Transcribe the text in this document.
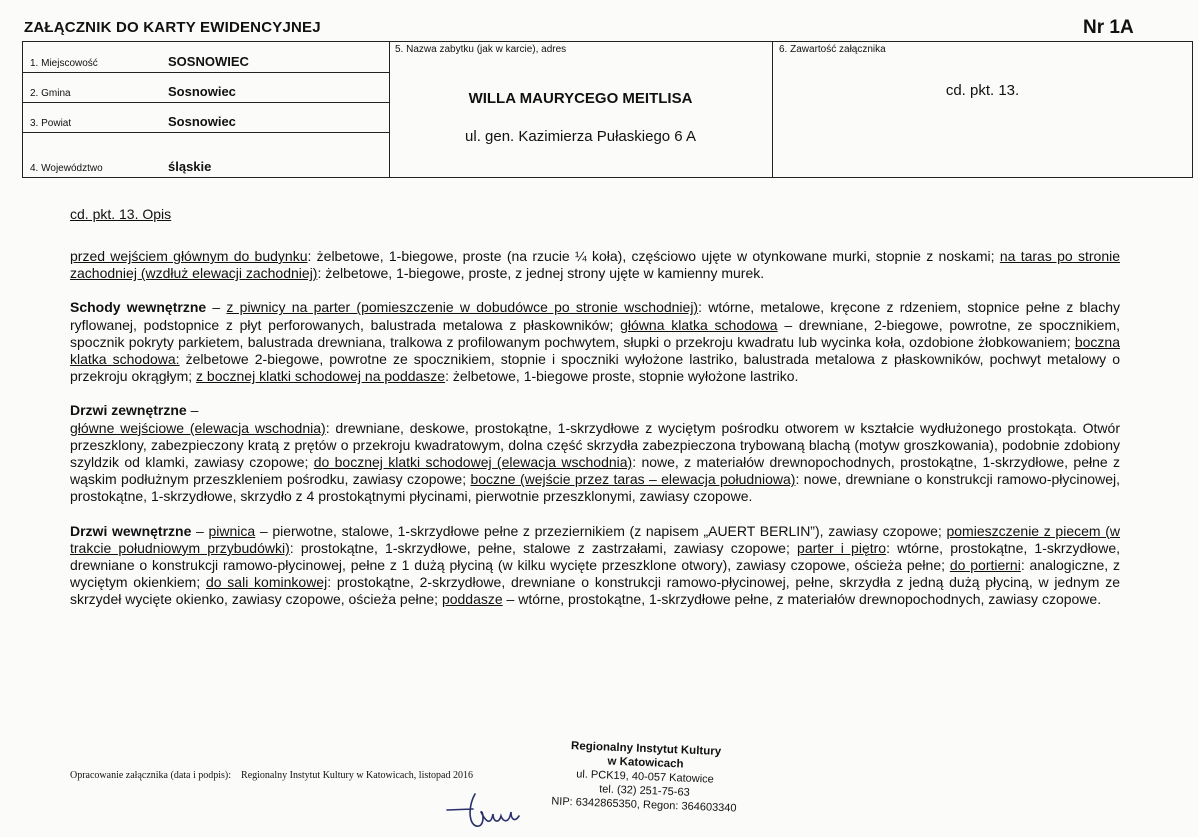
ZAŁĄCZNIK DO KARTY EWIDENCYJNEJ	Nr 1A
1. Miejscowość	SOSNOWIEC
2. Gmina	Sosnowiec
3. Powiat	Sosnowiec
4. Województwo	śląskie
5. Nazwa zabytku (jak w karcie), adres
WILLA MAURYCEGO MEITLISA
ul. gen. Kazimierza Pułaskiego 6 A
6. Zawartość załącznika
cd. pkt. 13.
cd. pkt. 13. Opis

przed wejściem głównym do budynku: żelbetowe, 1-biegowe, proste (na rzucie ¼ koła), częściowo ujęte w otynkowane murki, stopnie z noskami; na taras po stronie zachodniej (wzdłuż elewacji zachodniej): żelbetowe, 1-biegowe, proste, z jednej strony ujęte w kamienny murek.

Schody wewnętrzne – z piwnicy na parter (pomieszczenie w dobudówce po stronie wschodniej): wtórne, metalowe, kręcone z rdzeniem, stopnice pełne z blachy ryflowanej, podstopnice z płyt perforowanych, balustrada metalowa z płaskowników; główna klatka schodowa – drewniane, 2-biegowe, powrotne, ze spocznikiem, spocznik pokryty parkietem, balustrada drewniana, tralkowa z profilowanym pochwytem, słupki o przekroju kwadratu lub wycinka koła, ozdobione żłobkowaniem; boczna klatka schodowa: żelbetowe 2-biegowe, powrotne ze spocznikiem, stopnie i spoczniki wyłożone lastriko, balustrada metalowa z płaskowników, pochwyt metalowy o przekroju okrągłym; z bocznej klatki schodowej na poddasze: żelbetowe, 1-biegowe proste, stopnie wyłożone lastriko.

Drzwi zewnętrzne –
główne wejściowe (elewacja wschodnia): drewniane, deskowe, prostokątne, 1-skrzydłowe z wyciętym pośrodku otworem w kształcie wydłużonego prostokąta. Otwór przeszklony, zabezpieczony kratą z prętów o przekroju kwadratowym, dolna część skrzydła zabezpieczona trybowaną blachą (motyw groszkowania), podobnie zdobiony szyldzik od klamki, zawiasy czopowe; do bocznej klatki schodowej (elewacja wschodnia): nowe, z materiałów drewnopochodnych, prostokątne, 1-skrzydłowe, pełne z wąskim podłużnym przeszkleniem pośrodku, zawiasy czopowe; boczne (wejście przez taras – elewacja południowa): nowe, drewniane o konstrukcji ramowo-płycinowej, prostokątne, 1-skrzydłowe, skrzydło z 4 prostokątnymi płycinami, pierwotnie przeszklonymi, zawiasy czopowe.

Drzwi wewnętrzne – piwnica – pierwotne, stalowe, 1-skrzydłowe pełne z przeziernikiem (z napisem „AUERT BERLIN”), zawiasy czopowe; pomieszczenie z piecem (w trakcie południowym przybudówki): prostokątne, 1-skrzydłowe, pełne, stalowe z zastrzałami, zawiasy czopowe; parter i piętro: wtórne, prostokątne, 1-skrzydłowe, drewniane o konstrukcji ramowo-płycinowej, pełne z 1 dużą płyciną (w kilku wycięte przeszklone otwory), zawiasy czopowe, ościeża pełne; do portierni: analogiczne, z wyciętym okienkiem; do sali kominkowej: prostokątne, 2-skrzydłowe, drewniane o konstrukcji ramowo-płycinowej, pełne, skrzydła z jedną dużą płyciną, w jednym ze skrzydeł wycięte okienko, zawiasy czopowe, ościeża pełne; poddasze – wtórne, prostokątne, 1-skrzydłowe pełne, z materiałów drewnopochodnych, zawiasy czopowe.

Opracowanie załącznika (data i podpis): Regionalny Instytut Kultury w Katowicach, listopad 2016
Regionalny Instytut Kultury
w Katowicach
ul. PCK19, 40-057 Katowice
tel. (32) 251-75-63
NIP: 6342865350, Regon: 364603340
